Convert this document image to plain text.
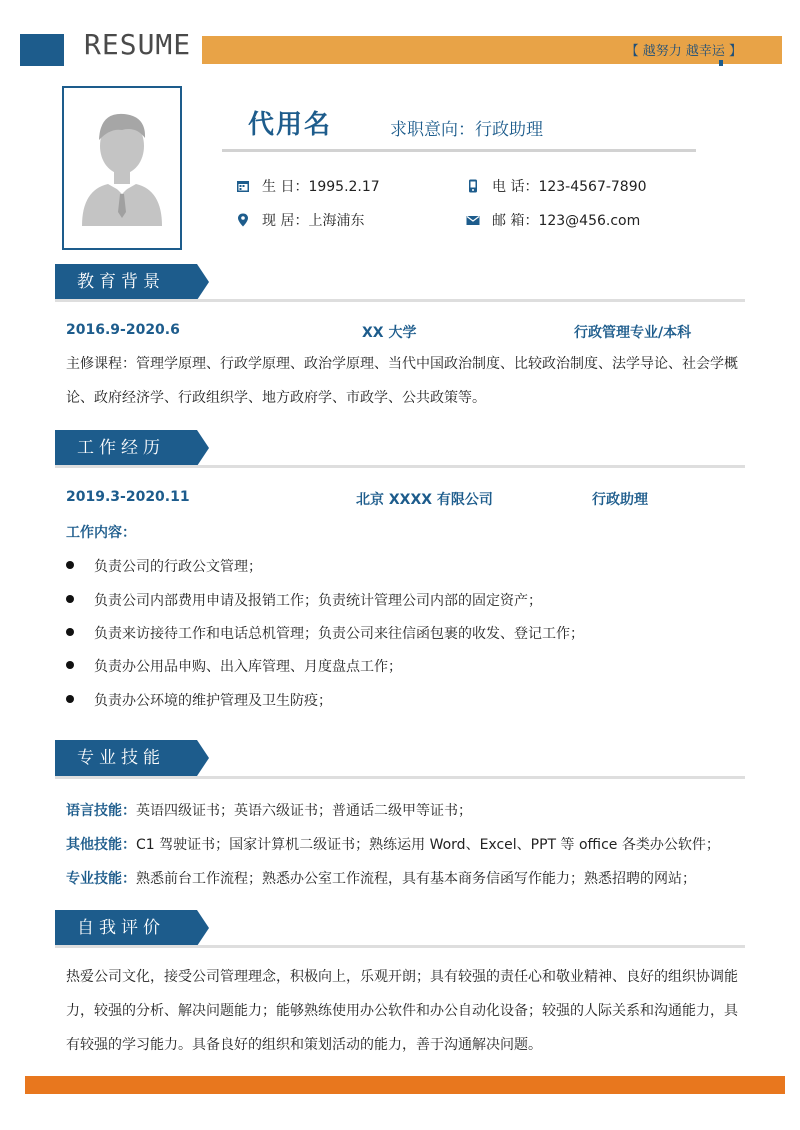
RESUME	【 越努力 越幸运 】
代用名	求职意向：行政助理
生 日：1995.2.17	电 话：123-4567-7890
现 居：上海浦东	邮 箱：123@456.com
Education
教育背景
2016.9-2020.6	XX 大学	行政管理专业/本科
主修课程：管理学原理、行政学原理、政治学原理、当代中国政治制度、比较政治制度、法学导论、社会学概论、政府经济学、行政组织学、地方政府学、市政学、公共政策等。
Experience
工作经历
2019.3-2020.11	北京 XXXX 有限公司	行政助理
工作内容：
负责公司的行政公文管理；
负责公司内部费用申请及报销工作；负责统计管理公司内部的固定资产；
负责来访接待工作和电话总机管理；负责公司来往信函包裹的收发、登记工作；
负责办公用品申购、出入库管理、月度盘点工作；
负责办公环境的维护管理及卫生防疫；
Technology
专业技能
语言技能：英语四级证书；英语六级证书；普通话二级甲等证书；
其他技能：C1 驾驶证书；国家计算机二级证书；熟练运用 Word、Excel、PPT 等 office 各类办公软件；
专业技能：熟悉前台工作流程；熟悉办公室工作流程，具有基本商务信函写作能力；熟悉招聘的网站；
Evaluation
自我评价
热爱公司文化，接受公司管理理念，积极向上，乐观开朗；具有较强的责任心和敬业精神、良好的组织协调能力，较强的分析、解决问题能力；能够熟练使用办公软件和办公自动化设备；较强的人际关系和沟通能力，具有较强的学习能力。具备良好的组织和策划活动的能力，善于沟通解决问题。
